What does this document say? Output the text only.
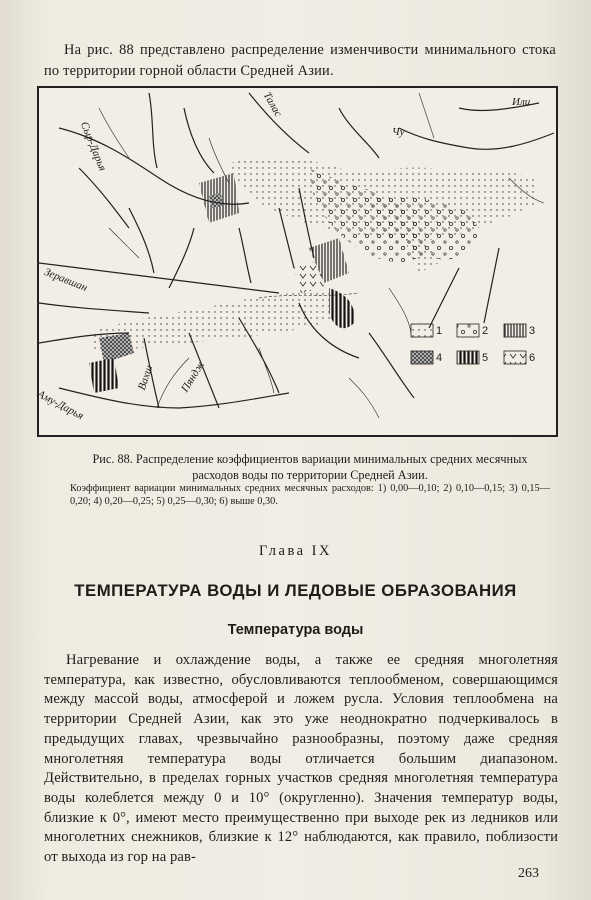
На рис. 88 представлено распределение изменчивости минимального стока по территории горной области Средней Азии.

Сыр-Дарья
Талас
Чу
Или
Зеравшан
Аму-Дарья
Вахш Пяндж
1	2	3
4	5	6

Рис. 88. Распределение коэффициентов вариации минимальных средних месячных расходов воды по территории Средней Азии.

Коэффициент вариации минимальных средних месячных расходов: 1) 0,00—0,10; 2) 0,10—0,15; 3) 0,15—0,20; 4) 0,20—0,25; 5) 0,25—0,30; 6) выше 0,30.

Глава IX
ТЕМПЕРАТУРА ВОДЫ И ЛЕДОВЫЕ ОБРАЗОВАНИЯ
Температура воды

Нагревание и охлаждение воды, а также ее средняя многолетняя температура, как известно, обусловливаются теплообменом, совершающимся между массой воды, атмосферой и ложем русла. Условия теплообмена на территории Средней Азии, как это уже неоднократно подчеркивалось в предыдущих главах, чрезвычайно разнообразны, поэтому даже средняя многолетняя температура воды отличается большим диапазоном. Действительно, в пределах горных участков средняя многолетняя температура воды колеблется между 0 и 10° (округленно). Значения температур воды, близкие к 0°, имеют место преимущественно при выходе рек из ледников или многолетних снежников, близкие к 12° наблюдаются, как правило, поблизости от выхода из гор на рав-

263
